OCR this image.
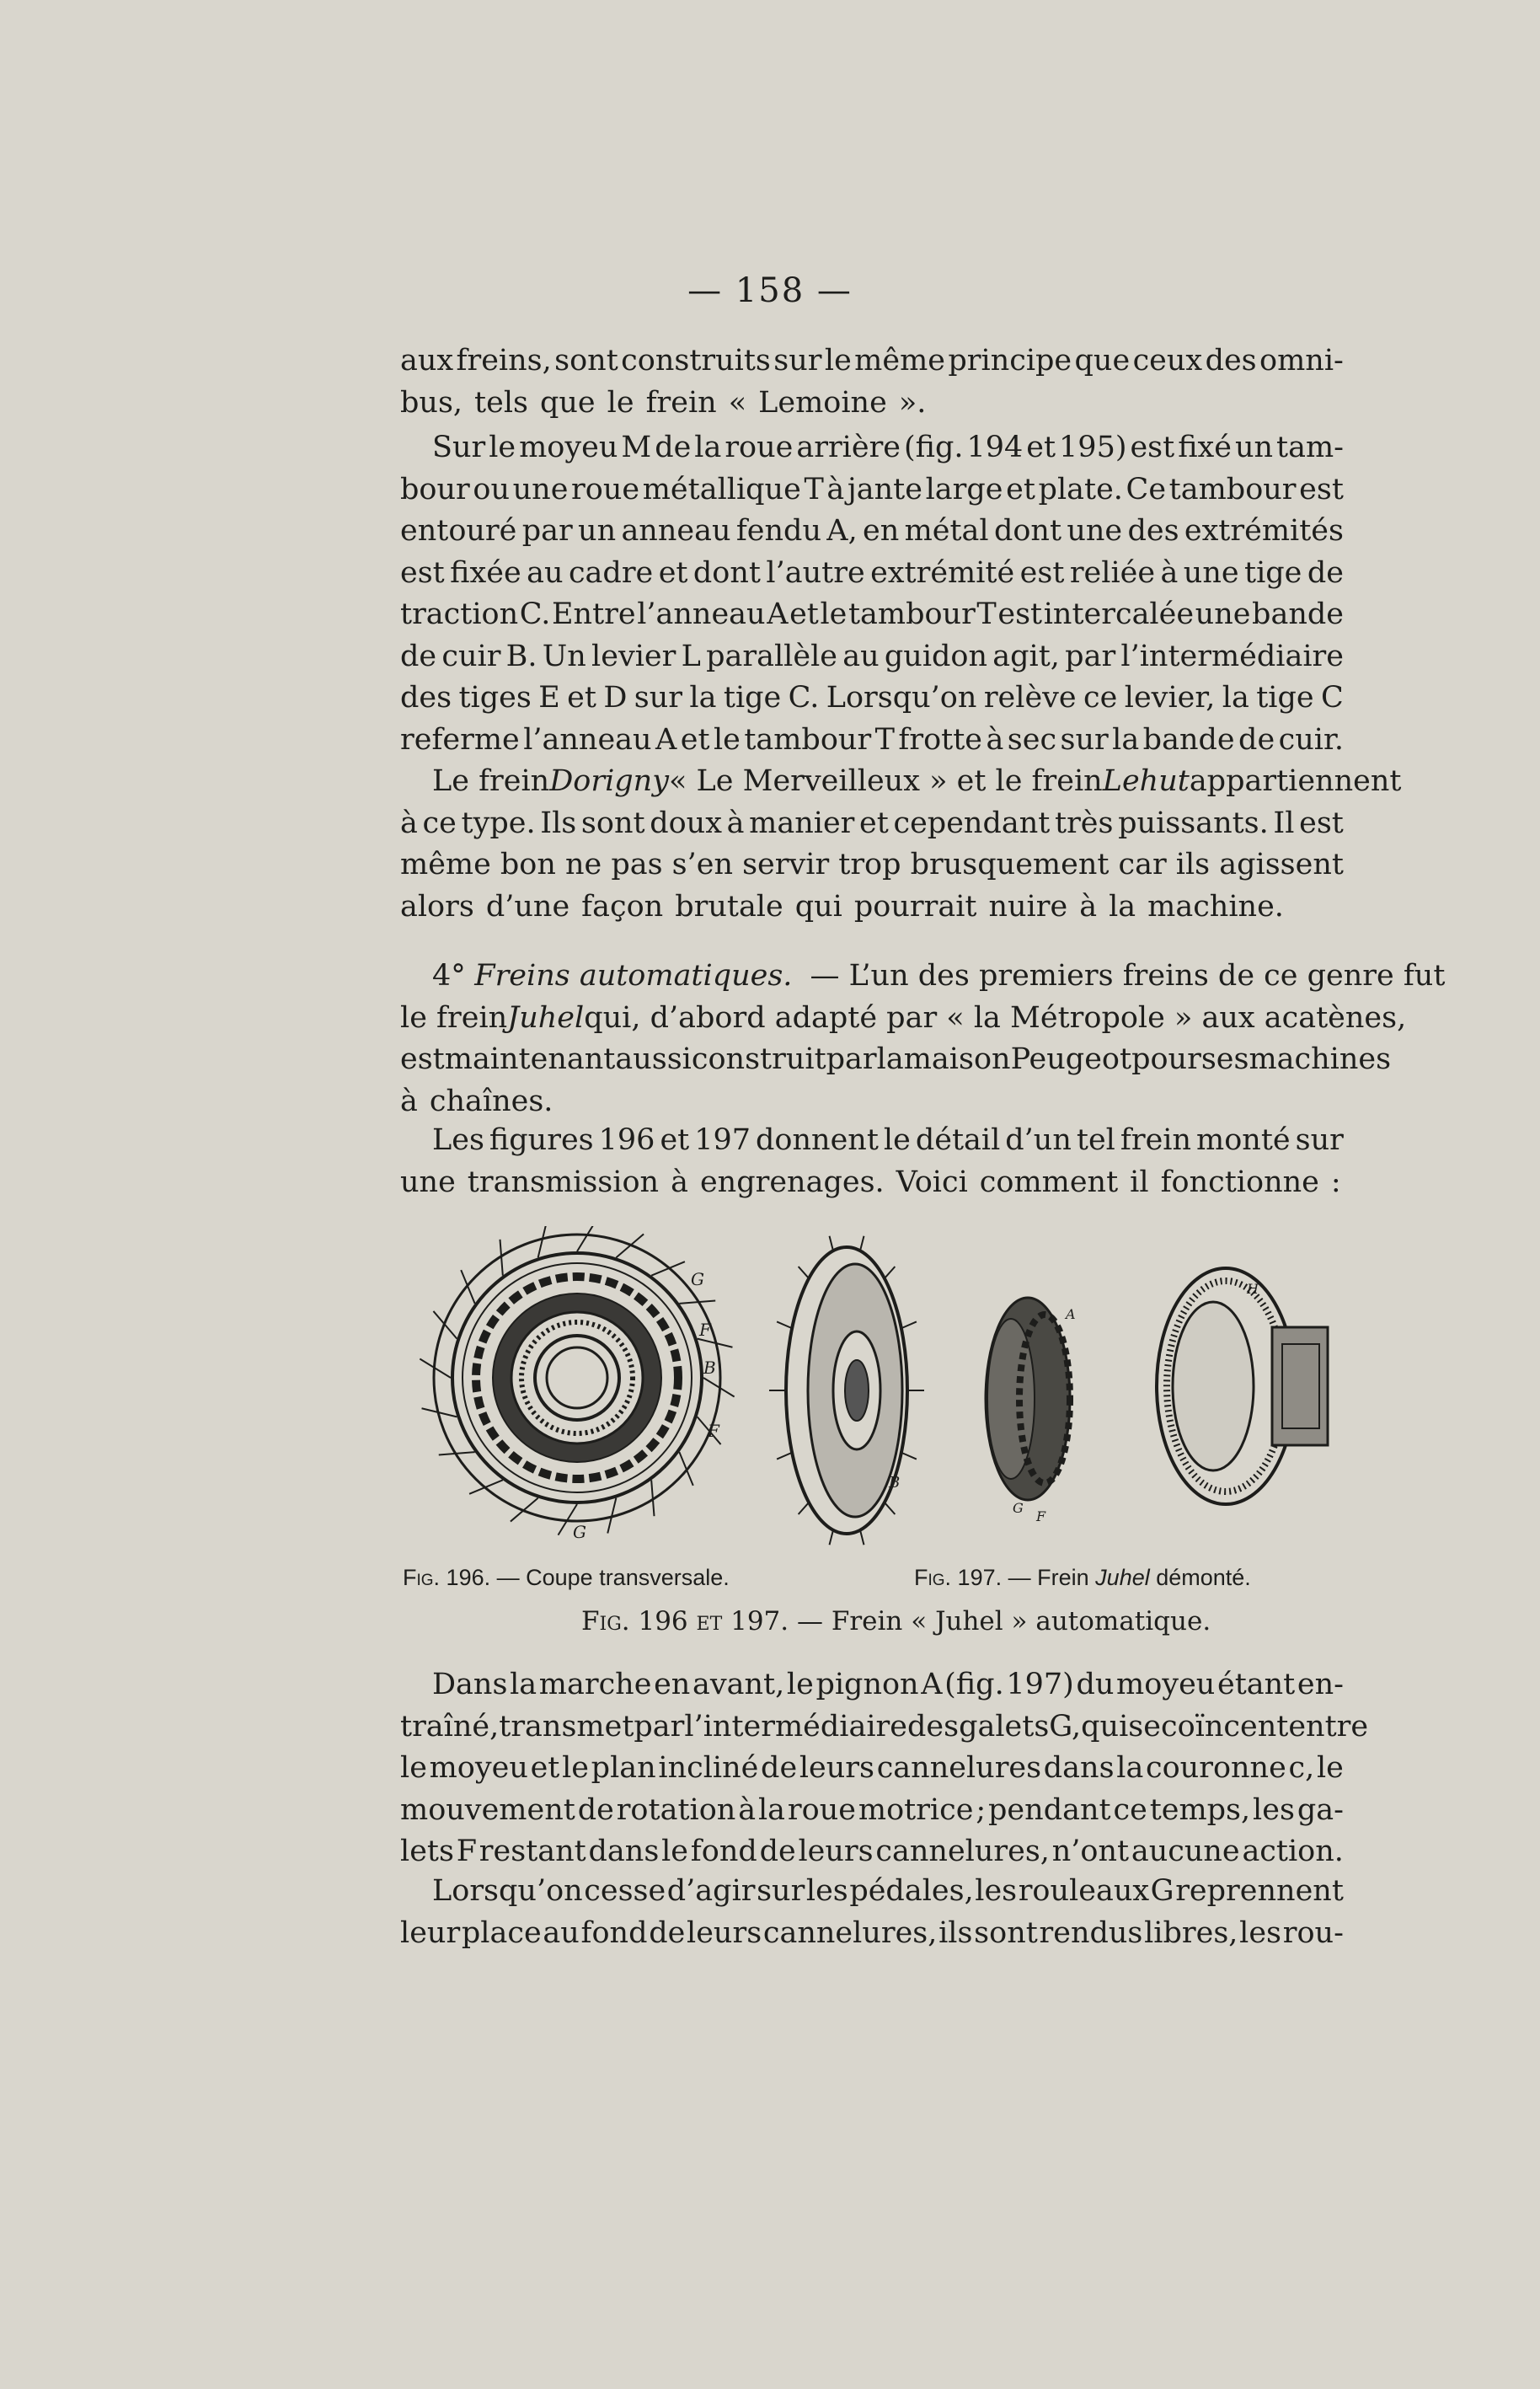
— 158 —
aux freins, sont construits sur le même principe que ceux des omni-
bus, tels que le frein « Lemoine ».
Sur le moyeu M de la roue arrière (fig. 194 et 195) est fixé un tam-
bour ou une roue métallique T à jante large et plate. Ce tambour est
entouré par un anneau fendu A, en métal dont une des extrémités
est fixée au cadre et dont l’autre extrémité est reliée à une tige de
traction C. Entre l’anneau A et le tambour T est intercalée une bande
de cuir B. Un levier L parallèle au guidon agit, par l’intermédiaire
des tiges E et D sur la tige C. Lorsqu’on relève ce levier, la tige C
referme l’anneau A et le tambour T frotte à sec sur la bande de cuir.
Le frein Dorigny « Le Merveilleux » et le frein Lehut appartiennent
à ce type. Ils sont doux à manier et cependant très puissants. Il est
même bon ne pas s’en servir trop brusquement car ils agissent
alors d’une façon brutale qui pourrait nuire à la machine.
4° Freins automatiques. — L’un des premiers freins de ce genre fut
le frein Juhel qui, d’abord adapté par « la Métropole » aux acatènes,
est maintenant aussi construit par la maison Peugeot pour ses machines
à chaînes.
Les figures 196 et 197 donnent le détail d’un tel frein monté sur
une transmission à engrenages. Voici comment il fonctionne :
G
F
B
F
G
B
A
G
F
H
Fig. 196. — Coupe transversale.	Fig. 197. — Frein Juhel démonté.
Fig. 196 et 197. — Frein « Juhel » automatique.
Dans la marche en avant, le pignon A (fig. 197) du moyeu étant en-
traîné, transmet par l’intermédiaire des galets G, qui se coïncent entre
le moyeu et le plan incliné de leurs cannelures dans la couronne c, le
mouvement de rotation à la roue motrice ; pendant ce temps, les ga-
lets F restant dans le fond de leurs cannelures, n’ont aucune action.
Lorsqu’on cesse d’agir sur les pédales, les rouleaux G reprennent
leur place au fond de leurs cannelures, ils sont rendus libres, les rou-
